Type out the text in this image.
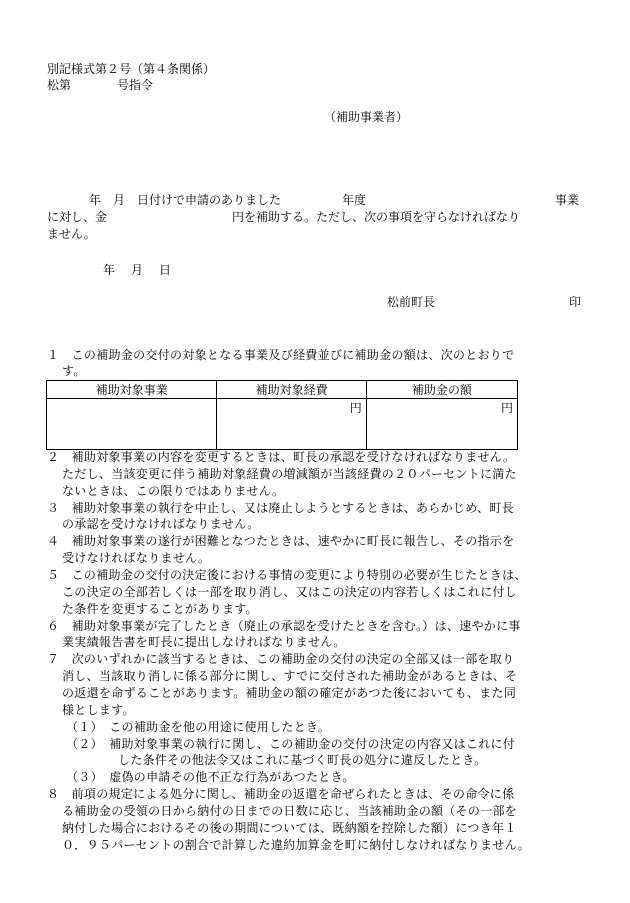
別記様式第２号（第４条関係）
松第	号指令
（補助事業者）
年　月　日付けで申請のありました	年度	事業
に対し、金	円を補助する。ただし、次の事項を守らなければなり
ません。
年 月 日
松前町長	印
１　この補助金の交付の対象となる事業及び経費並びに補助金の額は、次のとおりで
す。
補助対象事業	補助対象経費	補助金の額
	円	円
２　補助対象事業の内容を変更するときは、町長の承認を受けなければなりません。
ただし、当該変更に伴う補助対象経費の増減額が当該経費の２０パーセントに満た
ないときは、この限りではありません。
３　補助対象事業の執行を中止し、又は廃止しようとするときは、あらかじめ、町長
の承認を受けなければなりません。
４　補助対象事業の遂行が困難となつたときは、速やかに町長に報告し、その指示を
受けなければなりません。
５　この補助金の交付の決定後における事情の変更により特別の必要が生じたときは、
この決定の全部若しくは一部を取り消し、又はこの決定の内容若しくはこれに付し
た条件を変更することがあります。
６　補助対象事業が完了したとき（廃止の承認を受けたときを含む。）は、速やかに事
業実績報告書を町長に提出しなければなりません。
７　次のいずれかに該当するときは、この補助金の交付の決定の全部又は一部を取り
消し、当該取り消しに係る部分に関し、すでに交付された補助金があるときは、そ
の返還を命ずることがあります。補助金の額の確定があつた後においても、また同
様とします。
（１）　この補助金を他の用途に使用したとき。
（２）　補助対象事業の執行に関し、この補助金の交付の決定の内容又はこれに付
した条件その他法令又はこれに基づく町長の処分に違反したとき。
（３）　虚偽の申請その他不正な行為があつたとき。
８　前項の規定による処分に関し、補助金の返還を命ぜられたときは、その命令に係
る補助金の受領の日から納付の日までの日数に応じ、当該補助金の額（その一部を
納付した場合におけるその後の期間については、既納額を控除した額）につき年１
０．９５パーセントの割合で計算した違約加算金を町に納付しなければなりません。
